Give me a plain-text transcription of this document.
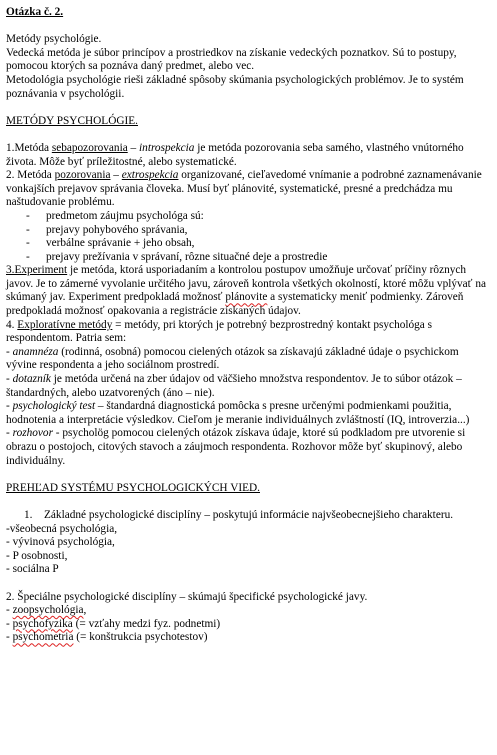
Otázka č. 2.

Metódy psychológie.

Vedecká metóda je súbor princípov a prostriedkov na získanie vedeckých poznatkov. Sú to postupy, pomocou ktorých sa poznáva daný predmet, alebo vec.

Metodológia psychológie rieši základné spôsoby skúmania psychologických problémov. Je to systém poznávania v psychológii.

METÓDY PSYCHOLÓGIE.

1.Metóda sebapozorovania – introspekcia je metóda pozorovania seba samého, vlastného vnútorného života. Môže byť príležitostné, alebo systematické.

2. Metóda pozorovania – extrospekcia organizované, cieľavedomé vnímanie a podrobné zaznamenávanie vonkajších prejavov správania človeka. Musí byť plánovité, systematické, presné a predchádza mu naštudovanie problému.

-	predmetom záujmu psychológa sú:
-	prejavy pohybového správania,
-	verbálne správanie + jeho obsah,
-	prejavy prežívania v správaní, rôzne situačné deje a prostredie

3.Experiment je metóda, ktorá usporiadaním a kontrolou postupov umožňuje určovať príčiny rôznych javov. Je to zámerné vyvolanie určitého javu, zároveň kontrola všetkých okolností, ktoré môžu vplývať na skúmaný jav. Experiment predpokladá možnosť plánovite a systematicky meniť podmienky. Zároveň predpokladá možnosť opakovania a registrácie získaných údajov.

4. Exploratívne metódy = metódy, pri ktorých je potrebný bezprostredný kontakt psychológa s respondentom. Patria sem:

- anamnéza (rodinná, osobná) pomocou cielených otázok sa získavajú základné údaje o psychickom vývine respondenta a jeho sociálnom prostredí.

- dotazník je metóda určená na zber údajov od väčšieho množstva respondentov. Je to súbor otázok – štandardných, alebo uzatvorených (áno – nie).

- psychologický test – štandardná diagnostická pomôcka s presne určenými podmienkami použitia, hodnotenia a interpretácie výsledkov. Cieľom je meranie individuálnych zvláštností (IQ, introverzia...)

- rozhovor - psycholög pomocou cielených otázok získava údaje, ktoré sú podkladom pre utvorenie si obrazu o postojoch, citových stavoch a záujmoch respondenta. Rozhovor môže byť skupinový, alebo individuálny.

PREHĽAD SYSTÉMU PSYCHOLOGICKÝCH VIED.

1.	Základné psychologické disciplíny – poskytujú informácie najvšeobecnejšieho charakteru.

-všeobecná psychológia,

- vývinová psychológia,

- P osobnosti,

- sociálna P

2. Špeciálne psychologické disciplíny – skúmajú špecifické psychologické javy.

- zoopsychológia,

- psychofyzika (= vzťahy medzi fyz. podnetmi)

- psychometria (= konštrukcia psychotestov)
